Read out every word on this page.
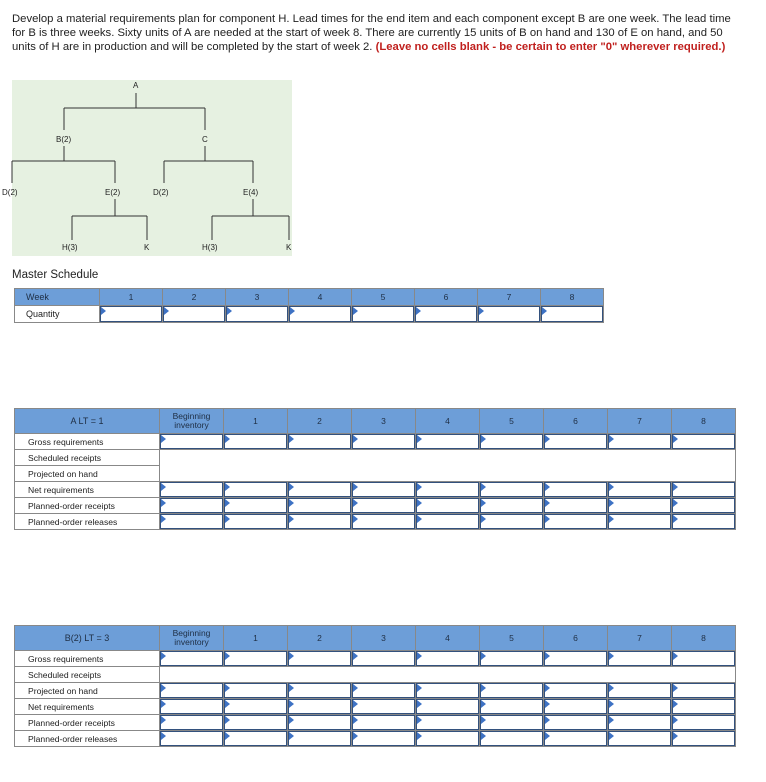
Develop a material requirements plan for component H. Lead times for the end item and each component except B are one week. The lead time for B is three weeks. Sixty units of A are needed at the start of week 8. There are currently 15 units of B on hand and 130 of E on hand, and 50 units of H are in production and will be completed by the start of week 2. (Leave no cells blank - be certain to enter "0" wherever required.)
A
B(2)	C
D(2)	E(2)	D(2)	E(4)
H(3)	K	H(3)	K
Master Schedule
Week	1	2	3	4	5	6	7	8
Quantity								
A LT = 1	Beginning inventory	1	2	3	4	5	6	7	8
Gross requirements									
Scheduled receipts									
Projected on hand									
Net requirements									
Planned-order receipts									
Planned-order releases									
B(2) LT = 3	Beginning inventory	1	2	3	4	5	6	7	8
Gross requirements									
Scheduled receipts									
Projected on hand									
Net requirements									
Planned-order receipts									
Planned-order releases									
